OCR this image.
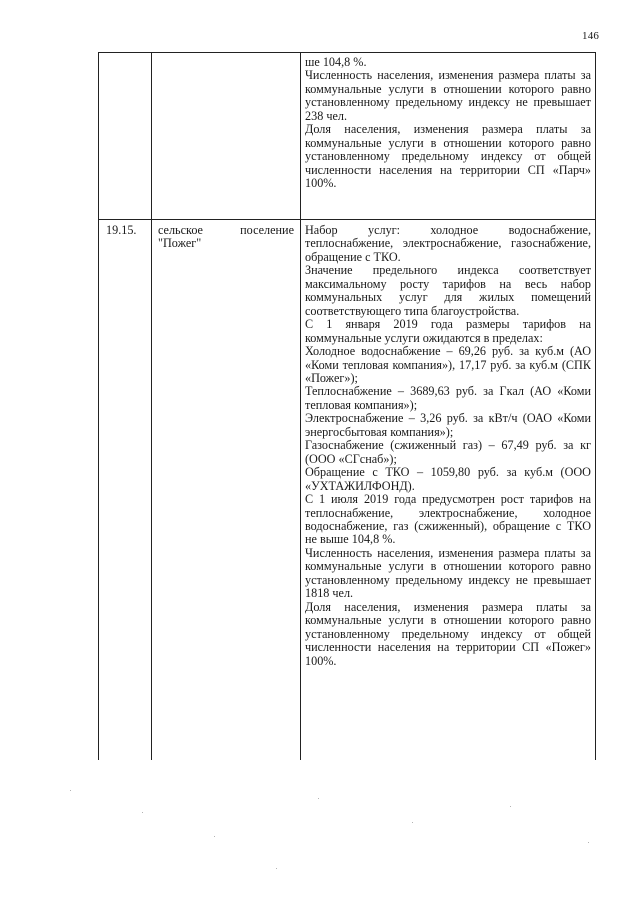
146
ше 104,8 %.
Численность населения, изменения размера платы за коммунальные услуги в отношении которого равно установленному предельному индексу не превышает 238 чел.
Доля населения, изменения размера платы за коммунальные услуги в отношении которого равно установленному предельному индексу от общей численности населения на территории СП «Парч» 100%.
19.15.	сельское поселение
"Пожег"
Набор услуг: холодное водоснабжение, теплоснабжение, электроснабжение, газоснабжение, обращение с ТКО.
Значение предельного индекса соответствует максимальному росту тарифов на весь набор коммунальных услуг для жилых помещений соответствующего типа благоустройства.
С 1 января 2019 года размеры тарифов на коммунальные услуги ожидаются в пределах:
Холодное водоснабжение – 69,26 руб. за куб.м (АО «Коми тепловая компания»), 17,17 руб. за куб.м (СПК «Пожег»);
Теплоснабжение – 3689,63 руб. за Гкал (АО «Коми тепловая компания»);
Электроснабжение – 3,26 руб. за кВт/ч (ОАО «Коми энергосбытовая компания»);
Газоснабжение (сжиженный газ) – 67,49 руб. за кг (ООО «СГснаб»);
Обращение с ТКО – 1059,80 руб. за куб.м (ООО «УХТАЖИЛФОНД).
С 1 июля 2019 года предусмотрен рост тарифов на теплоснабжение, электроснабжение, холодное водоснабжение, газ (сжиженный), обращение с ТКО не выше 104,8 %.
Численность населения, изменения размера платы за коммунальные услуги в отношении которого равно установленному предельному индексу не превышает 1818 чел.
Доля населения, изменения размера платы за коммунальные услуги в отношении которого равно установленному предельному индексу от общей численности населения на территории СП «Пожег» 100%.
